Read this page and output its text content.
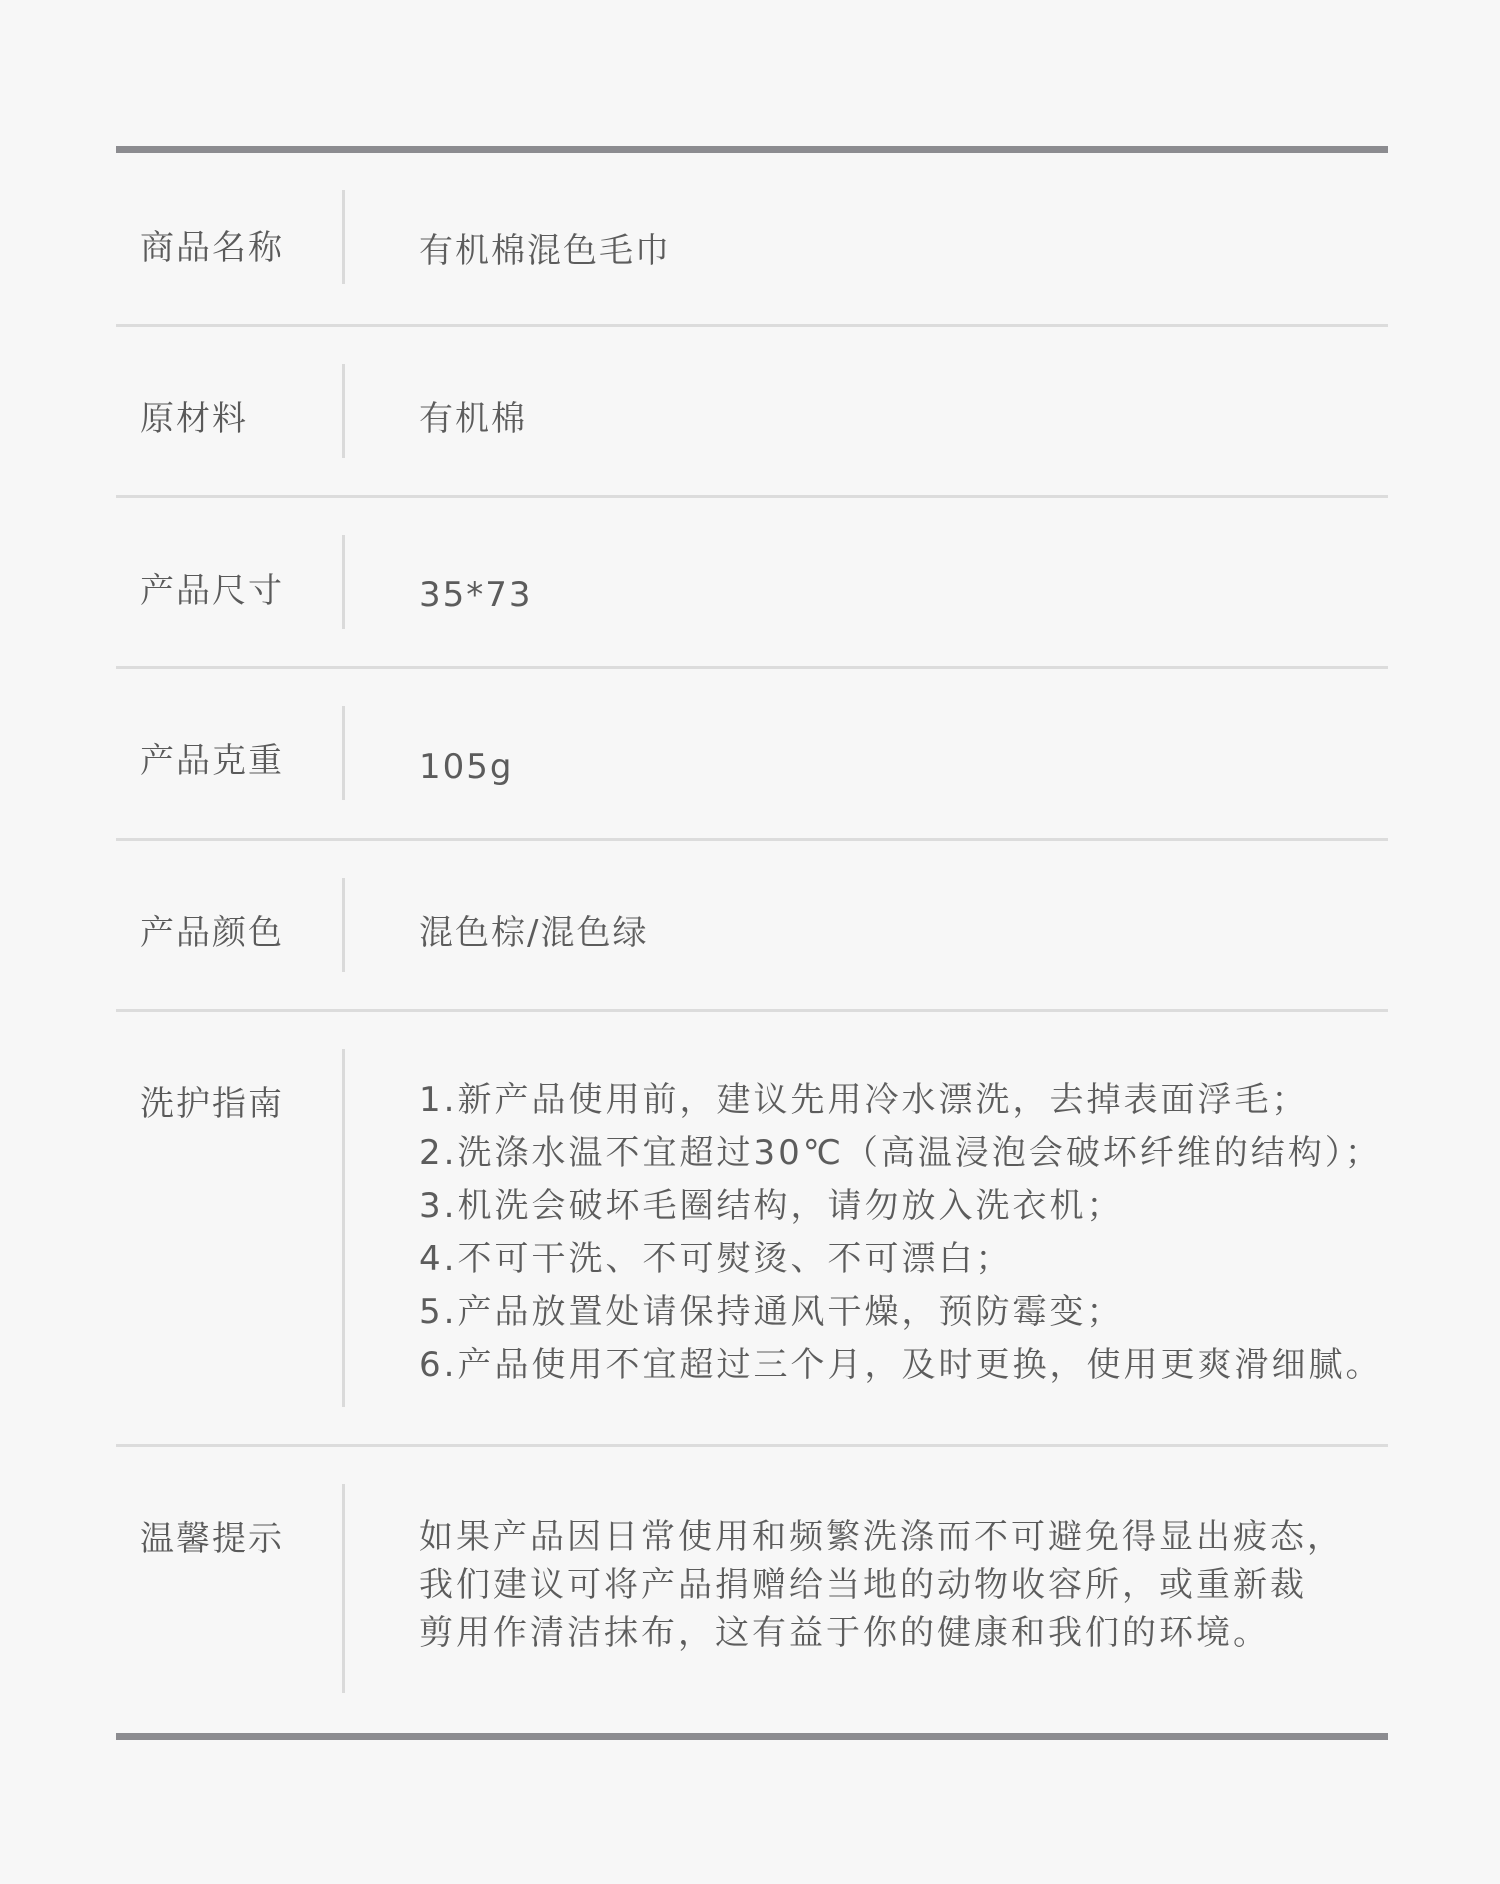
商品名称	有机棉混色毛巾
原材料	有机棉
产品尺寸	35*73
产品克重	105g
产品颜色	混色棕/混色绿
洗护指南	1.新产品使用前，建议先用冷水漂洗，去掉表面浮毛；
2.洗涤水温不宜超过30℃（高温浸泡会破坏纤维的结构）；
3.机洗会破坏毛圈结构，请勿放入洗衣机；
4.不可干洗、不可熨烫、不可漂白；
5.产品放置处请保持通风干燥，预防霉变；
6.产品使用不宜超过三个月，及时更换，使用更爽滑细腻。
温馨提示	如果产品因日常使用和频繁洗涤而不可避免得显出疲态，
我们建议可将产品捐赠给当地的动物收容所，或重新裁
剪用作清洁抹布，这有益于你的健康和我们的环境。
